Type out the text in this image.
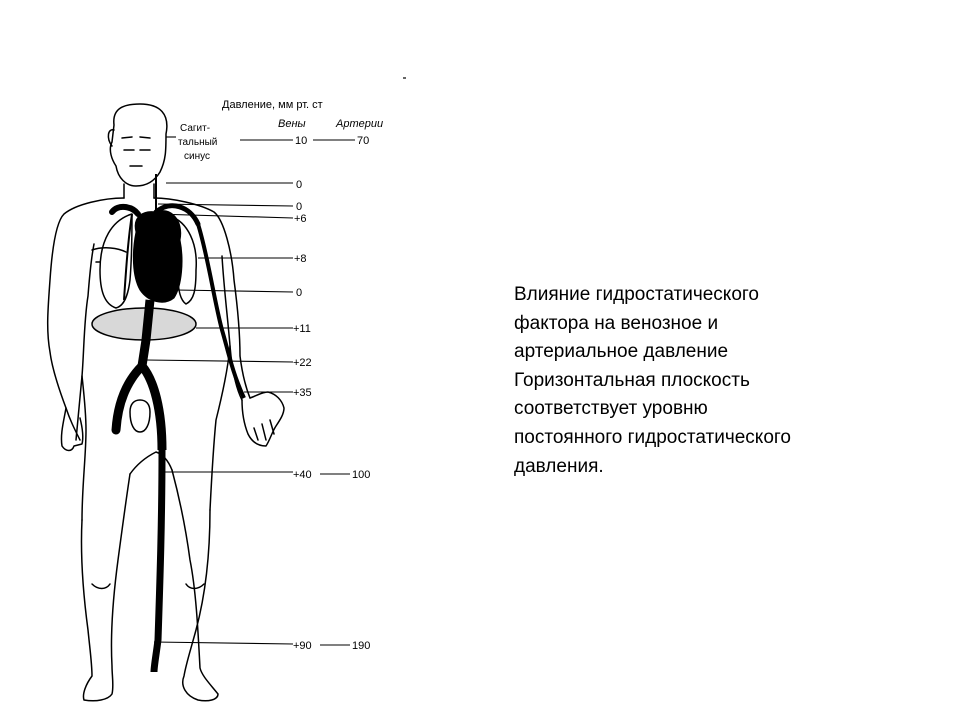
Давление, мм рт. ст
Вены	Артерии
Сагит-
тальный
синус
10	70
0
0
+6
+8
0
+11
+22
+35
+40	100
+90	190
Влияние гидростатического
фактора на венозное и
артериальное давление
Горизонтальная плоскость
соответствует уровню
постоянного гидростатического
давления.
